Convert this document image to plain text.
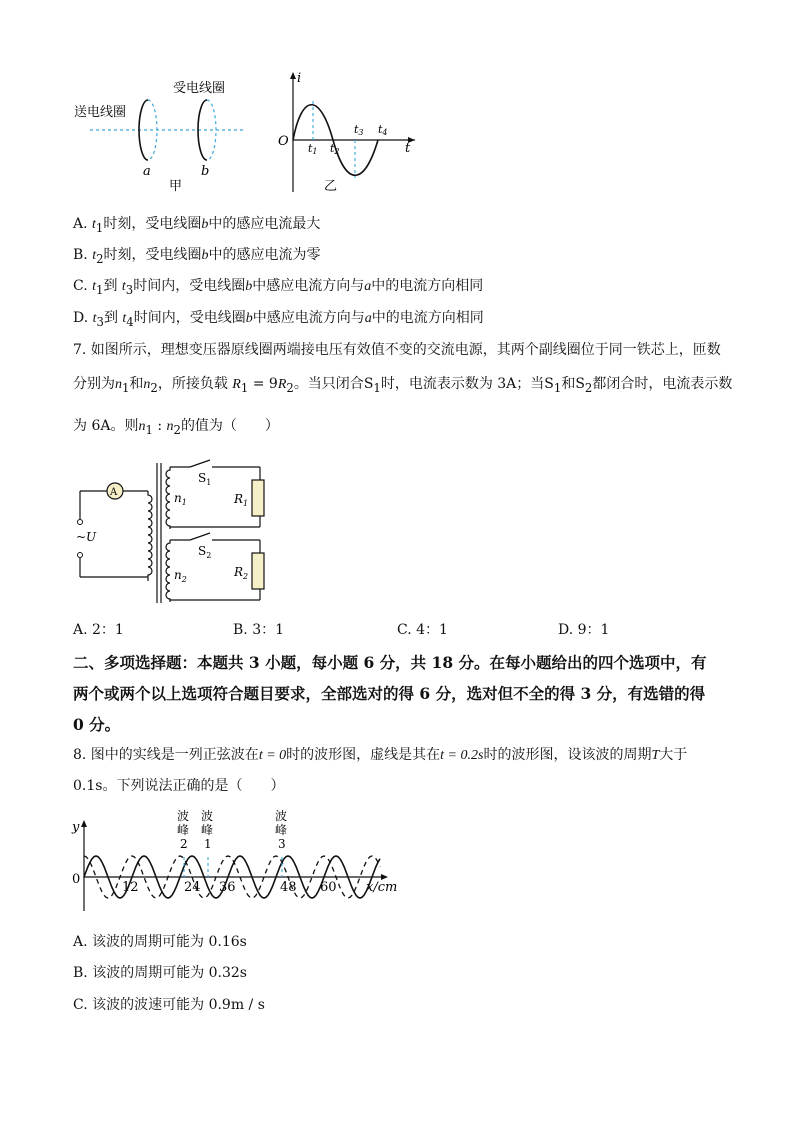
送电线圈
受电线圈
a	b
甲
i
t
O t1 t2
t3 t4
乙
A. $t_1$时刻，受电线圈b中的感应电流最大
B. $t_2$时刻，受电线圈b中的感应电流为零
C. $t_1$到 $t_3$时间内，受电线圈b中感应电流方向与a中的电流方向相同
D. $t_3$到 $t_4$时间内，受电线圈b中感应电流方向与a中的电流方向相同
7. 如图所示，理想变压器原线圈两端接电压有效值不变的交流电源，其两个副线圈位于同一铁芯上，匝数
分别为$n_1$和$n_2$，所接负载 $R_1 = 9R_2$。当只闭合$S_1$时，电流表示数为 3A；当$S_1$和$S_2$都闭合时，电流表示数
为 6A。则$n_1$ : $n_2$的值为（　　）
A
~U
$S_1$
$n_1$	$R_1$
$S_2$
$n_2$
$R_2$
A. 2：1	B. 3：1	C. 4：1	D. 9：1
二、多项选择题：本题共 3 小题，每小题 6 分，共 18 分。在每小题给出的四个选项中，有
两个或两个以上选项符合题目要求，全部选对的得 6 分，选对但不全的得 3 分，有选错的得
0 分。
8. 图中的实线是一列正弦波在t = 0时的波形图，虚线是其在t = 0.2s时的波形图，设该波的周期T大于
0.1s。下列说法正确的是（　　）
y
x/cm
0
12	24 36	48 60
波
峰
2
波
峰
1
波
峰
3
A. 该波的周期可能为 0.16s
B. 该波的周期可能为 0.32s
C. 该波的波速可能为 0.9m / s
